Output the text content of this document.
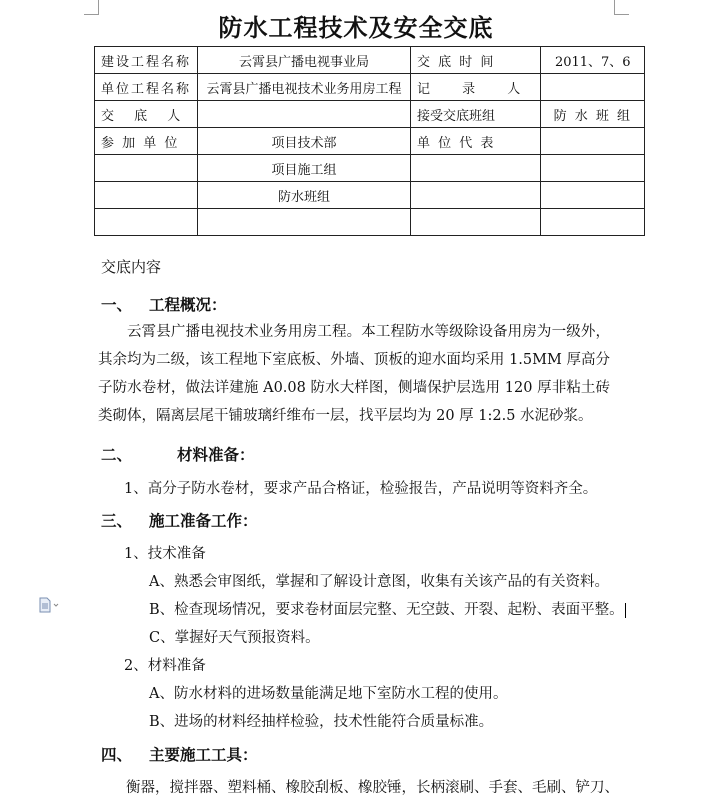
防水工程技术及安全交底
建设工程名称	云霄县广播电视事业局	交 底 时 间	2011、7、6
单位工程名称	云霄县广播电视技术业务用房工程	记 录 人	
交 底 人		接受交底班组	防 水 班 组
参 加 单 位	项目技术部	单 位 代 表	
	项目施工组		
	防水班组		

交底内容
一、 工程概况：
云霄县广播电视技术业务用房工程。本工程防水等级除设备用房为一级外，其余均为二级，该工程地下室底板、外墙、顶板的迎水面均采用 1.5MM 厚高分子防水卷材，做法详建施 A0.08 防水大样图，侧墙保护层选用 120 厚非粘土砖类砌体，隔离层尾干铺玻璃纤维布一层，找平层均为 20 厚 1:2.5 水泥砂浆。
二、	材料准备：
1、高分子防水卷材，要求产品合格证，检验报告，产品说明等资料齐全。
三、 施工准备工作：
1、技术准备
A、熟悉会审图纸，掌握和了解设计意图，收集有关该产品的有关资料。
B、检查现场情况，要求卷材面层完整、无空鼓、开裂、起粉、表面平整。
C、掌握好天气预报资料。
2、材料准备
A、防水材料的进场数量能满足地下室防水工程的使用。
B、进场的材料经抽样检验，技术性能符合质量标准。
四、 主要施工工具：
衡器，搅拌器、塑料桶、橡胶刮板、橡胶锤，长柄滚刷、手套、毛刷、铲刀、
